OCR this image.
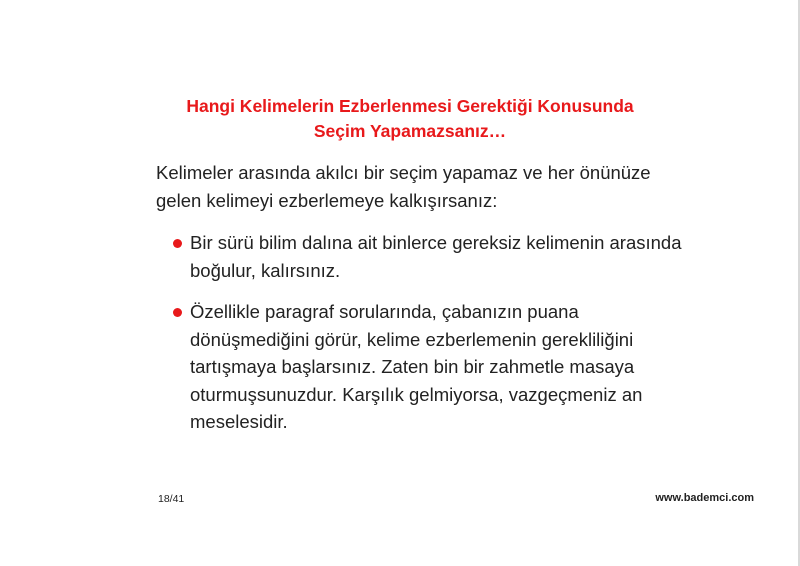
Hangi Kelimelerin Ezberlenmesi Gerektiği Konusunda
Seçim Yapamazsanız…
Kelimeler arasında akılcı bir seçim yapamaz ve her önünüze
gelen kelimeyi ezberlemeye kalkışırsanız:
Bir sürü bilim dalına ait binlerce gereksiz kelimenin arasında
boğulur, kalırsınız.
Özellikle paragraf sorularında, çabanızın puana
dönüşmediğini görür, kelime ezberlemenin gerekliliğini
tartışmaya başlarsınız. Zaten bin bir zahmetle masaya
oturmuşsunuzdur. Karşılık gelmiyorsa, vazgeçmeniz an
meselesidir.
18/41	www.bademci.com
